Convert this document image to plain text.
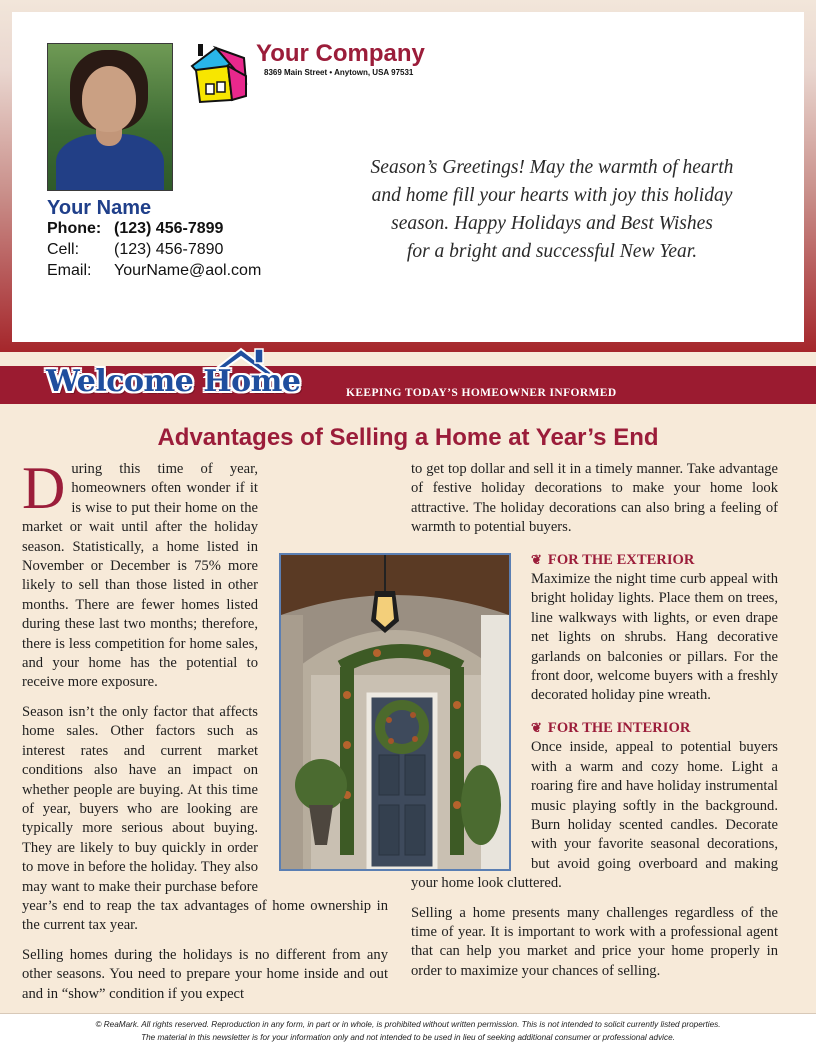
Your Company
8369 Main Street • Anytown, USA 97531
Your Name
Phone: (123) 456-7899
Cell: (123) 456-7890
Email: YourName@aol.com
Season’s Greetings! May the warmth of hearth
and home fill your hearts with joy this holiday
season. Happy Holidays and Best Wishes
for a bright and successful New Year.
Welcome Home	KEEPING TODAY’S HOMEOWNER INFORMED
Advantages of Selling a Home at Year’s End

During this time of year, homeowners often wonder if it is wise to put their home on the market or wait until after the holiday season. Statistically, a home listed in November or December is 75% more likely to sell than those listed in other months. There are fewer homes listed during these last two months; therefore, there is less competition for home sales, and your home has the potential to receive more exposure.

Season isn’t the only factor that affects home sales. Other factors such as interest rates and current market conditions also have an impact on whether people are buying. At this time of year, buyers who are looking are typically more serious about buying. They are likely to buy quickly in order to move in before the holiday. They also may want to make their purchase before year’s end to reap the tax advantages of home ownership in the current tax year.

Selling homes during the holidays is no different from any other seasons. You need to prepare your home inside and out and in “show” condition if you expect

to get top dollar and sell it in a timely manner. Take advantage of festive holiday decorations to make your home look attractive. The holiday decorations can also bring a feeling of warmth to potential buyers.

❦ FOR THE EXTERIOR

Maximize the night time curb appeal with bright holiday lights. Place them on trees, line walkways with lights, or even drape net lights on shrubs. Hang decorative garlands on balconies or pillars. For the front door, welcome buyers with a freshly decorated holiday pine wreath.

❦ FOR THE INTERIOR

Once inside, appeal to potential buyers with a warm and cozy home. Light a roaring fire and have holiday instrumental music playing softly in the background. Burn holiday scented candles. Decorate with your favorite seasonal decorations, but avoid going overboard and making your home look cluttered.

Selling a home presents many challenges regardless of the time of year. It is important to work with a professional agent that can help you market and price your home properly in order to maximize your chances of selling.

© ReaMark. All rights reserved. Reproduction in any form, in part or in whole, is prohibited without written permission. This is not intended to solicit currently listed properties.

The material in this newsletter is for your information only and not intended to be used in lieu of seeking additional consumer or professional advice.
